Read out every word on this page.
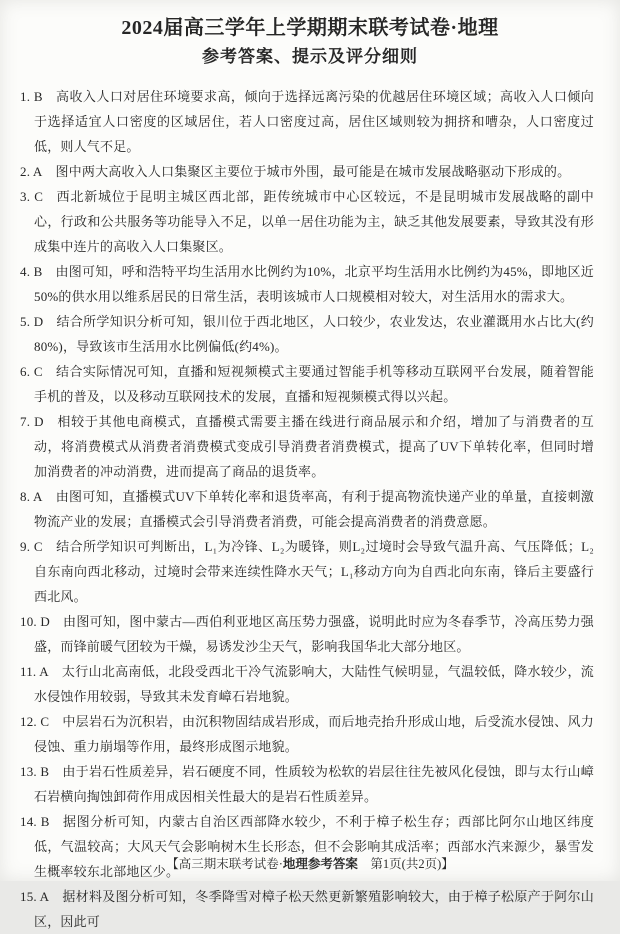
2024届高三学年上学期期末联考试卷·地理
参考答案、提示及评分细则

1. B 高收入人口对居住环境要求高，倾向于选择远离污染的优越居住环境区域；高收入人口倾向于选择适宜人口密度的区域居住，若人口密度过高，居住区域则较为拥挤和嘈杂，人口密度过低，则人气不足。

2. A 图中两大高收入人口集聚区主要位于城市外围，最可能是在城市发展战略驱动下形成的。

3. C 西北新城位于昆明主城区西北部，距传统城市中心区较远，不是昆明城市发展战略的副中心，行政和公共服务等功能导入不足，以单一居住功能为主，缺乏其他发展要素，导致其没有形成集中连片的高收入人口集聚区。

4. B 由图可知，呼和浩特平均生活用水比例约为10%，北京平均生活用水比例约为45%，即地区近50%的供水用以维系居民的日常生活，表明该城市人口规模相对较大，对生活用水的需求大。

5. D 结合所学知识分析可知，银川位于西北地区，人口较少，农业发达，农业灌溉用水占比大(约80%)，导致该市生活用水比例偏低(约4%)。

6. C 结合实际情况可知，直播和短视频模式主要通过智能手机等移动互联网平台发展，随着智能手机的普及，以及移动互联网技术的发展，直播和短视频模式得以兴起。

7. D 相较于其他电商模式，直播模式需要主播在线进行商品展示和介绍，增加了与消费者的互动，将消费模式从消费者消费模式变成引导消费者消费模式，提高了UV下单转化率，但同时增加消费者的冲动消费，进而提高了商品的退货率。

8. A 由图可知，直播模式UV下单转化率和退货率高，有利于提高物流快递产业的单量，直接刺激物流产业的发展；直播模式会引导消费者消费，可能会提高消费者的消费意愿。

9. C 结合所学知识可判断出，L₁为冷锋、L₂为暖锋，则L₂过境时会导致气温升高、气压降低；L₂自东南向西北移动，过境时会带来连续性降水天气；L₁移动方向为自西北向东南，锋后主要盛行西北风。

10. D 由图可知，图中蒙古—西伯利亚地区高压势力强盛，说明此时应为冬春季节，冷高压势力强盛，而锋前暖气团较为干燥，易诱发沙尘天气，影响我国华北大部分地区。

11. A 太行山北高南低，北段受西北干冷气流影响大，大陆性气候明显，气温较低，降水较少，流水侵蚀作用较弱，导致其未发育嶂石岩地貌。

12. C 中层岩石为沉积岩，由沉积物固结成岩形成，而后地壳抬升形成山地，后受流水侵蚀、风力侵蚀、重力崩塌等作用，最终形成图示地貌。

13. B 由于岩石性质差异，岩石硬度不同，性质较为松软的岩层往往先被风化侵蚀，即与太行山嶂石岩横向掏蚀卸荷作用成因相关性最大的是岩石性质差异。

14. B 据图分析可知，内蒙古自治区西部降水较少，不利于樟子松生存；西部比阿尔山地区纬度低，气温较高；大风天气会影响树木生长形态，但不会影响其成活率；西部水汽来源少，暴雪发生概率较东北部地区少。

15. A 据材料及图分析可知，冬季降雪对樟子松天然更新繁殖影响较大，由于樟子松原产于阿尔山区，因此可

【高三期末联考试卷·地理参考答案　第1页(共2页)】
